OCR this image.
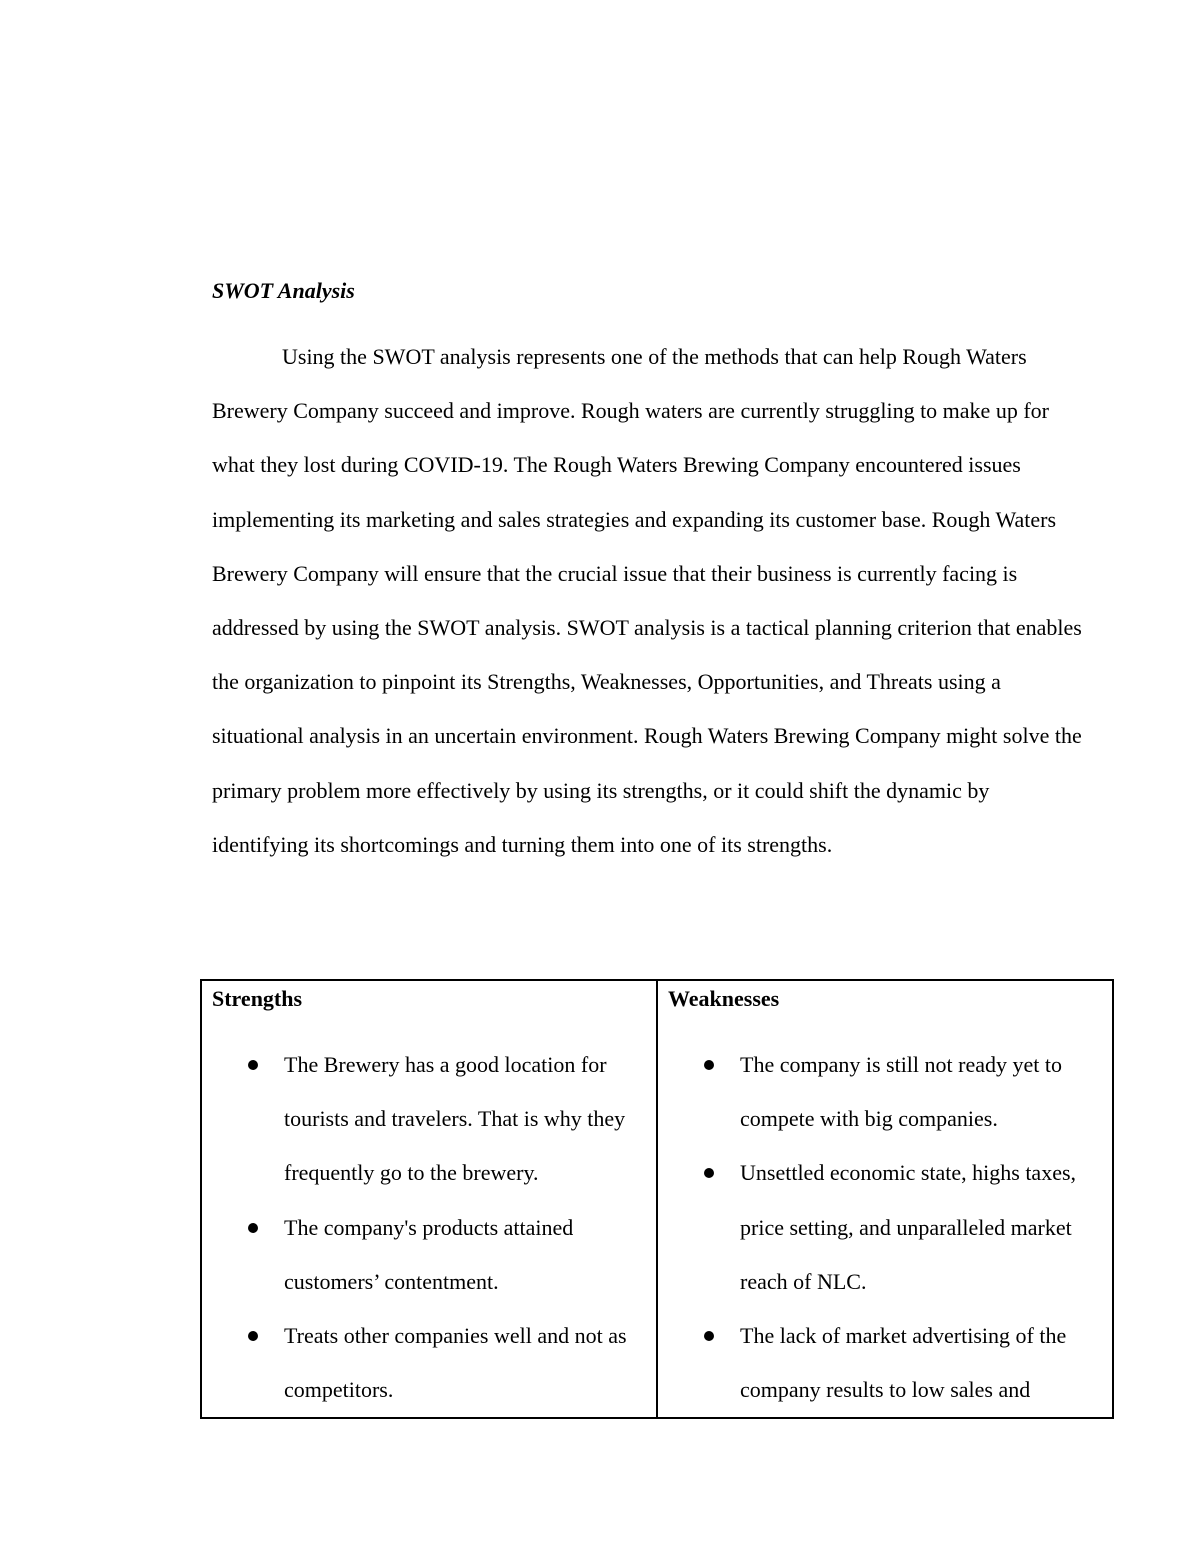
SWOT Analysis

Using the SWOT analysis represents one of the methods that can help Rough Waters Brewery Company succeed and improve. Rough waters are currently struggling to make up for what they lost during COVID-19. The Rough Waters Brewing Company encountered issues implementing its marketing and sales strategies and expanding its customer base. Rough Waters Brewery Company will ensure that the crucial issue that their business is currently facing is addressed by using the SWOT analysis. SWOT analysis is a tactical planning criterion that enables the organization to pinpoint its Strengths, Weaknesses, Opportunities, and Threats using a situational analysis in an uncertain environment. Rough Waters Brewing Company might solve the primary problem more effectively by using its strengths, or it could shift the dynamic by identifying its shortcomings and turning them into one of its strengths.

Strengths
The Brewery has a good location for tourists and travelers. That is why they frequently go to the brewery.
The company's products attained customers’ contentment.
Treats other companies well and not as competitors.

Weaknesses
The company is still not ready yet to compete with big companies.
Unsettled economic state, highs taxes, price setting, and unparalleled market reach of NLC.
The lack of market advertising of the company results to low sales and
